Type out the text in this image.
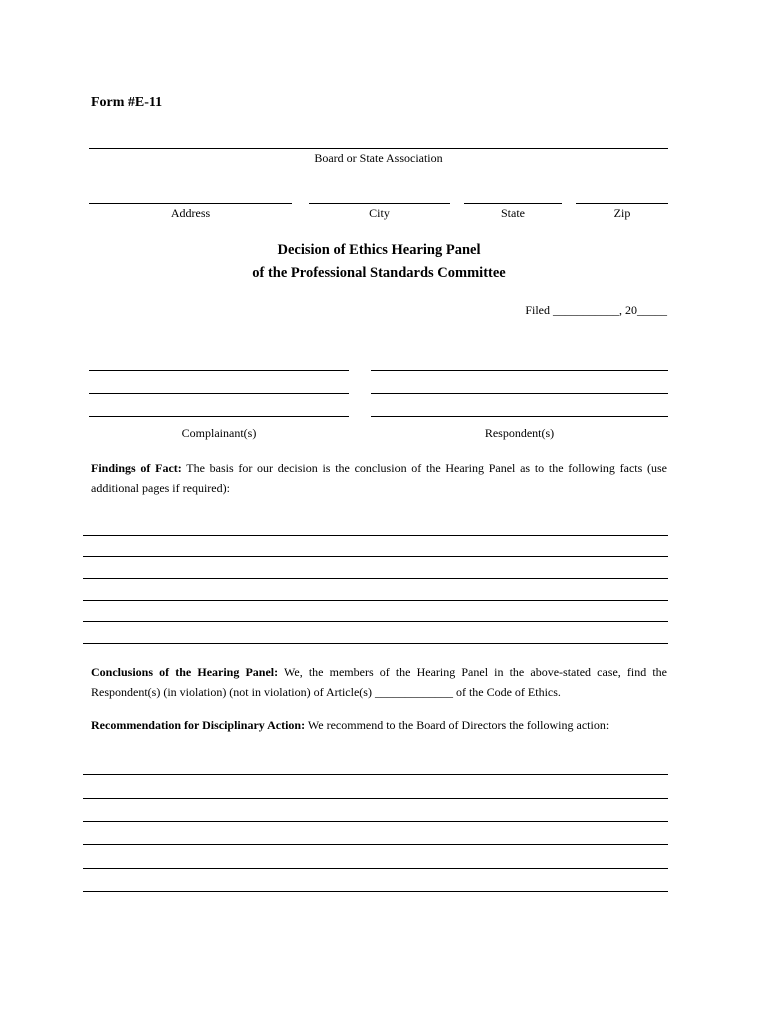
Form #E-11
Board or State Association
Address	City	State	Zip
Decision of Ethics Hearing Panel
of the Professional Standards Committee
Filed ___________, 20_____
Complainant(s)	Respondent(s)
Findings of Fact: The basis for our decision is the conclusion of the Hearing Panel as to the following facts (use additional pages if required):
Conclusions of the Hearing Panel: We, the members of the Hearing Panel in the above-stated case, find the Respondent(s) (in violation) (not in violation) of Article(s) _____________ of the Code of Ethics.
Recommendation for Disciplinary Action: We recommend to the Board of Directors the following action:
